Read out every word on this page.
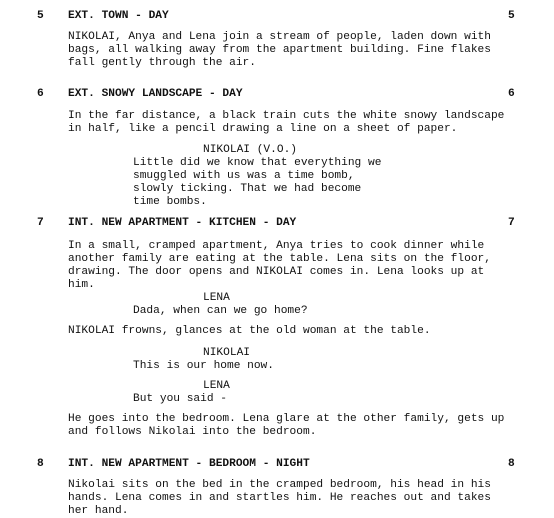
5 EXT. TOWN - DAY	5
NIKOLAI, Anya and Lena join a stream of people, laden down with
bags, all walking away from the apartment building. Fine flakes
fall gently through the air.
6 EXT. SNOWY LANDSCAPE - DAY	6
In the far distance, a black train cuts the white snowy landscape
in half, like a pencil drawing a line on a sheet of paper.
NIKOLAI (V.O.)
Little did we know that everything we
smuggled with us was a time bomb,
slowly ticking. That we had become
time bombs.
7 INT. NEW APARTMENT - KITCHEN - DAY	7
In a small, cramped apartment, Anya tries to cook dinner while
another family are eating at the table. Lena sits on the floor,
drawing. The door opens and NIKOLAI comes in. Lena looks up at
him.
LENA
Dada, when can we go home?
NIKOLAI frowns, glances at the old woman at the table.
NIKOLAI
This is our home now.
LENA
But you said -
He goes into the bedroom. Lena glare at the other family, gets up
and follows Nikolai into the bedroom.
8 INT. NEW APARTMENT - BEDROOM - NIGHT	8
Nikolai sits on the bed in the cramped bedroom, his head in his
hands. Lena comes in and startles him. He reaches out and takes
her hand.
